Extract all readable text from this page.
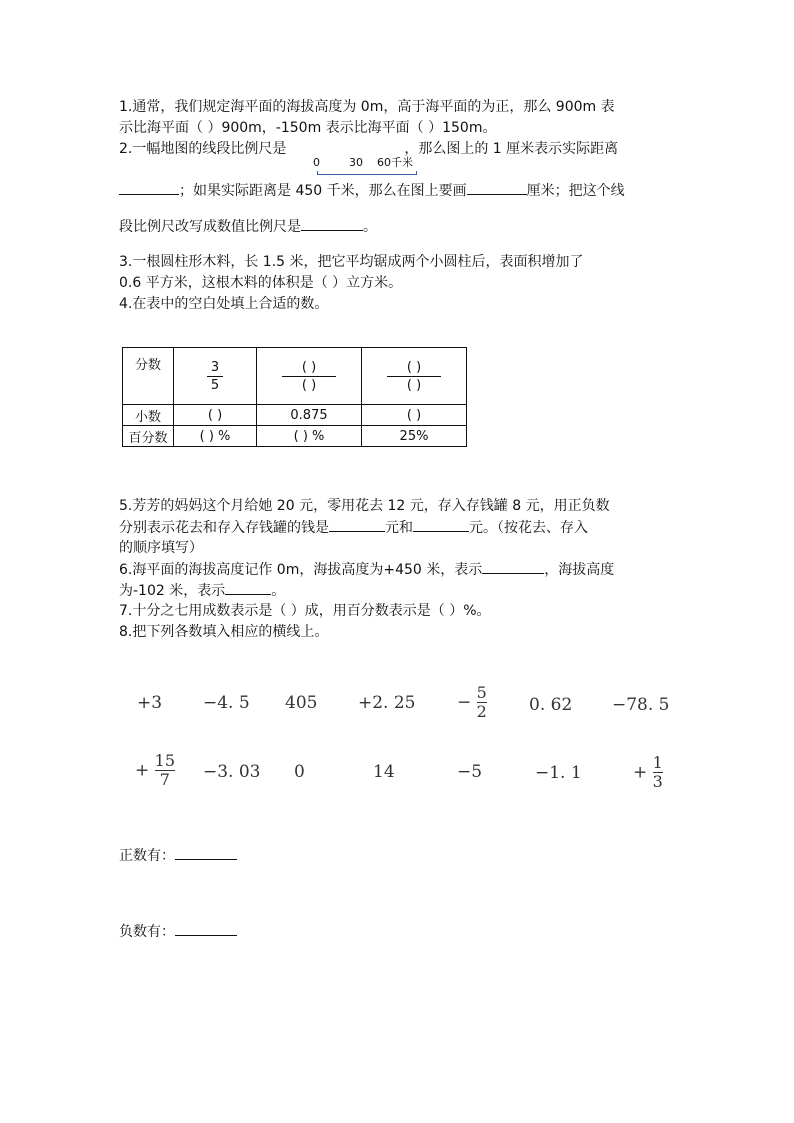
1.通常，我们规定海平面的海拔高度为 0m，高于海平面的为正，那么 900m 表
示比海平面（ ）900m，-150m 表示比海平面（ ）150m。
2.一幅地图的线段比例尺是	，那么图上的 1 厘米表示实际距离
0	30 60千米
；如果实际距离是 450 千米，那么在图上要画	厘米；把这个线
段比例尺改写成数值比例尺是	。
3.一根圆柱形木料，长 1.5 米，把它平均锯成两个小圆柱后，表面积增加了
0.6 平方米，这根木料的体积是（ ）立方米。
4.在表中的空白处填上合适的数。
分数	$\frac{3}{5}$	$\frac{( )}{( )}$	$\frac{( )}{( )}$

小数	( )	0.875	( )
百分数	( ) %	( ) %	25%
5.芳芳的妈妈这个月给她 20 元，零用花去 12 元，存入存钱罐 8 元，用正负数
分别表示花去和存入存钱罐的钱是	元和	元。（按花去、存入
的顺序填写）
6.海平面的海拔高度记作 0m，海拔高度为+450 米，表示	，海拔高度
为-102 米，表示	。
7.十分之七用成数表示是（ ）成，用百分数表示是（ ）%。
8.把下列各数填入相应的横线上。
+3 −4. 5 405 +2. $25 - \frac{5}{2} 0$. 62 −78. 5
+ $\frac{15}{7} -3$. 03 0	14	−5	−1. 1	+ $\frac{1}{3}$
正数有：
负数有：
